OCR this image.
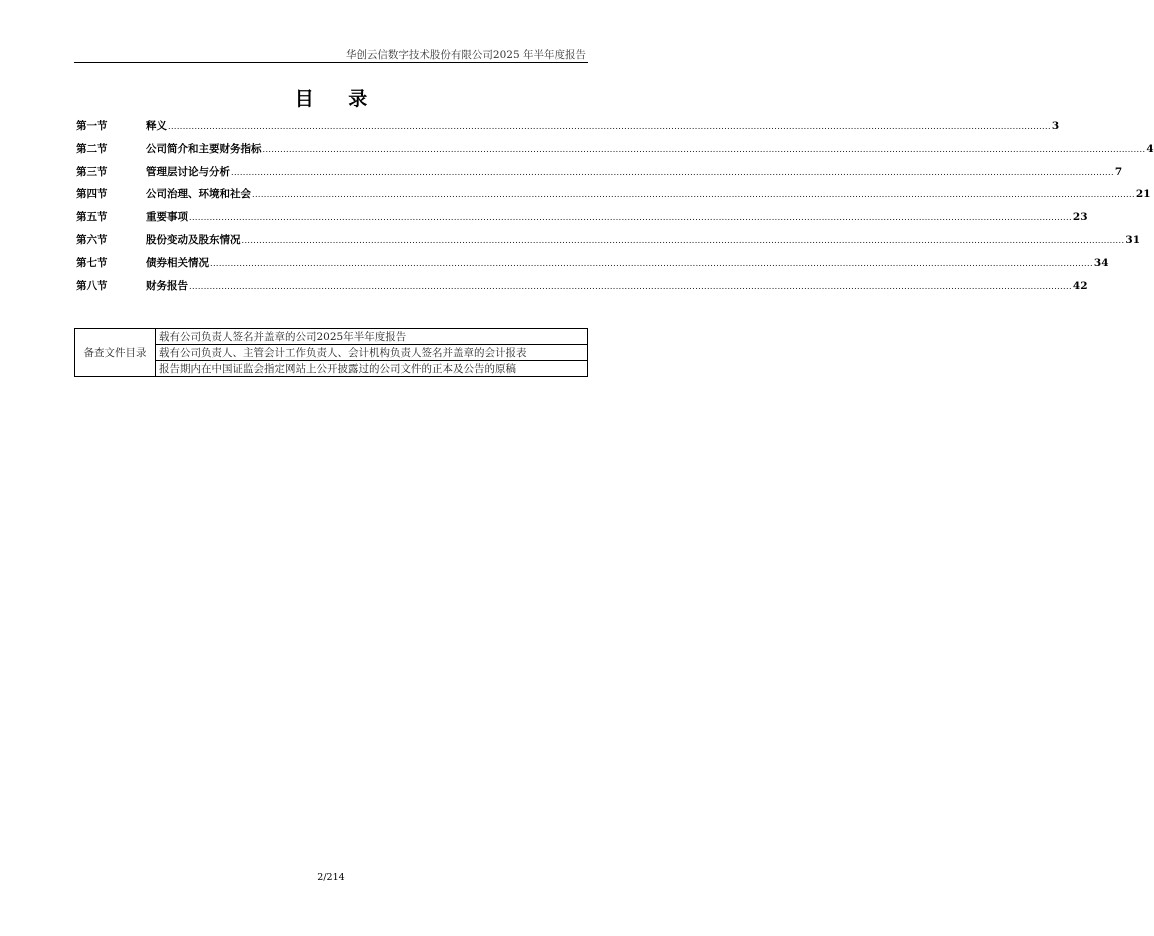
华创云信数字技术股份有限公司2025 年半年度报告
目 录
第一节	释义 ............................................................................................................................................................................................................................................................................................................ 3
第二节	公司简介和主要财务指标 ............................................................................................................................................................................................................................................................................................................ 4
第三节	管理层讨论与分析 ............................................................................................................................................................................................................................................................................................................ 7
第四节	公司治理、环境和社会 ............................................................................................................................................................................................................................................................................................................ 21
第五节	重要事项 ............................................................................................................................................................................................................................................................................................................ 23
第六节	股份变动及股东情况 ............................................................................................................................................................................................................................................................................................................ 31
第七节	债券相关情况 ............................................................................................................................................................................................................................................................................................................ 34
第八节	财务报告 ............................................................................................................................................................................................................................................................................................................ 42
备查文件目录	载有公司负责人签名并盖章的公司2025年半年度报告
载有公司负责人、主管会计工作负责人、会计机构负责人签名并盖章的会计报表
报告期内在中国证监会指定网站上公开披露过的公司文件的正本及公告的原稿
2/214
